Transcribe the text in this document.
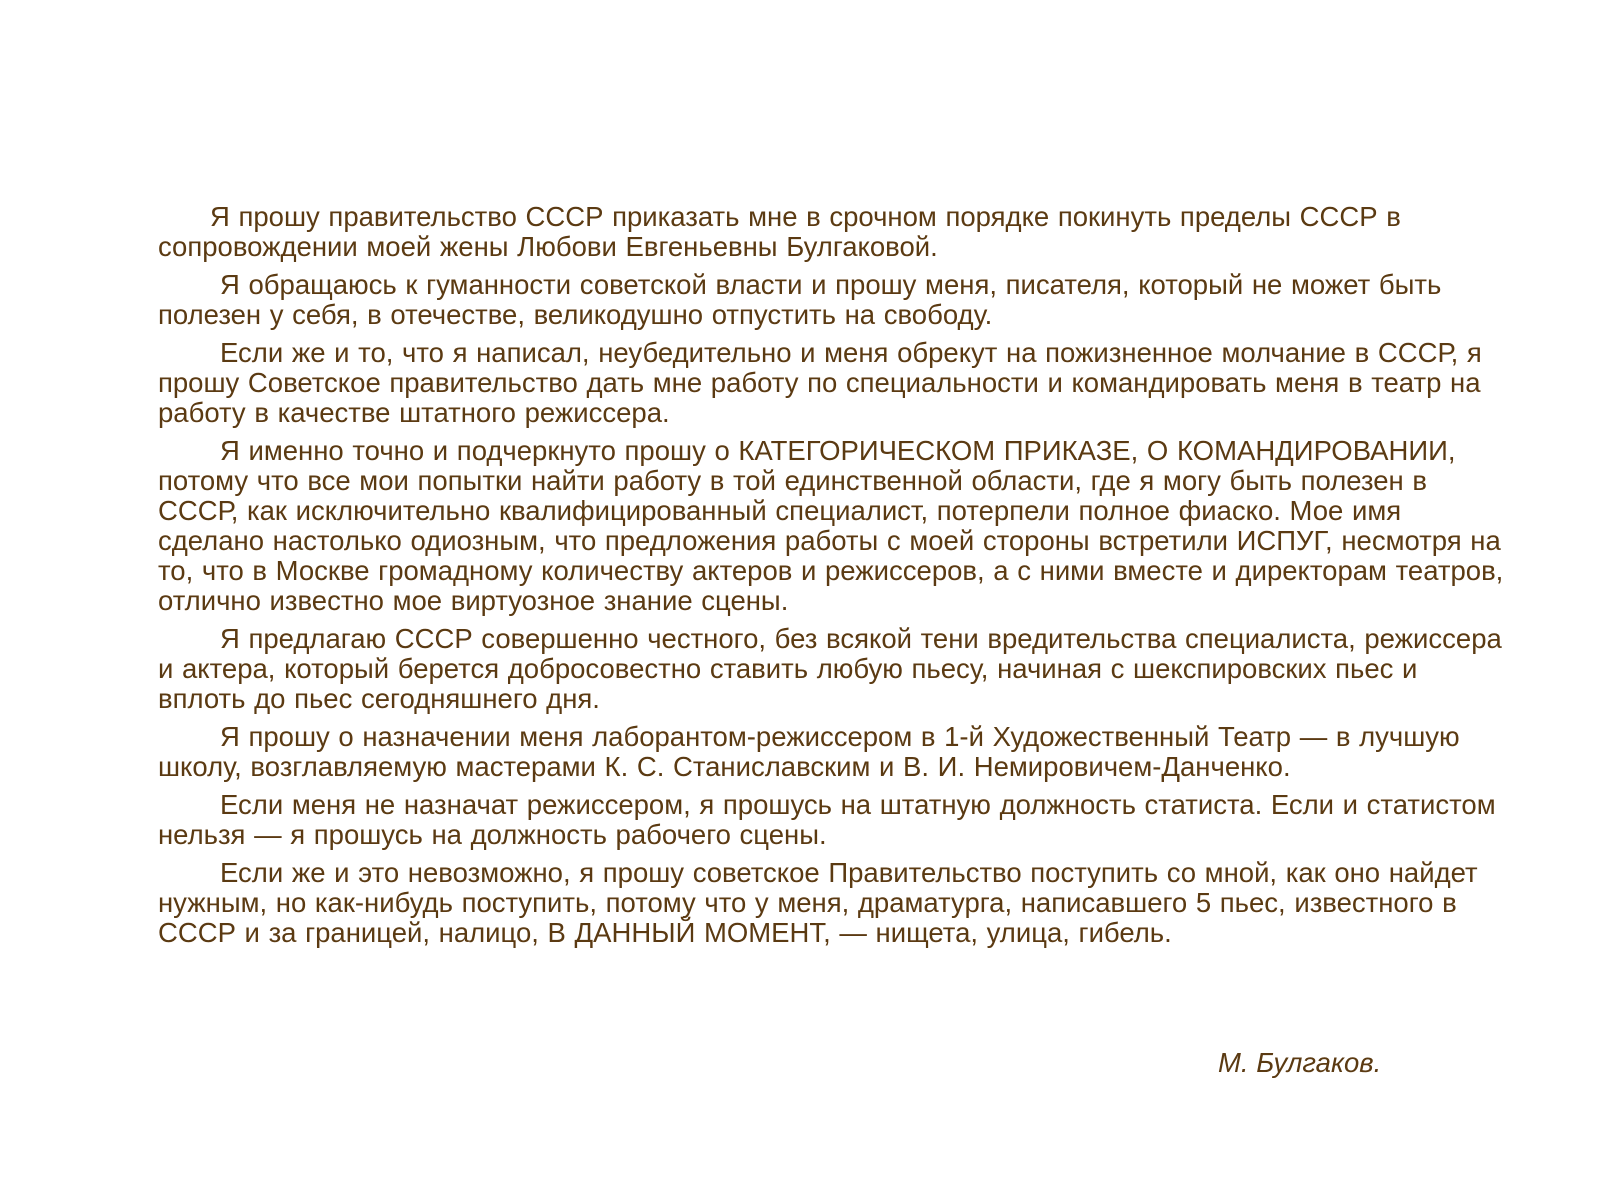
Я прошу правительство СССР приказать мне в срочном порядке покинуть пределы СССР в сопровождении моей жены Любови Евгеньевны Булгаковой.

Я обращаюсь к гуманности советской власти и прошу меня, писателя, который не может быть полезен у себя, в отечестве, великодушно отпустить на свободу.

Если же и то, что я написал, неубедительно и меня обрекут на пожизненное молчание в СССР, я прошу Советское правительство дать мне работу по специальности и командировать меня в театр на работу в качестве штатного режиссера.

Я именно точно и подчеркнуто прошу о КАТЕГОРИЧЕСКОМ ПРИКАЗЕ, О КОМАНДИРОВАНИИ, потому что все мои попытки найти работу в той единственной области, где я могу быть полезен в СССР, как исключительно квалифицированный специалист, потерпели полное фиаско. Мое имя сделано настолько одиозным, что предложения работы с моей стороны встретили ИСПУГ, несмотря на то, что в Москве громадному количеству актеров и режиссеров, а с ними вместе и директорам театров, отлично известно мое виртуозное знание сцены.

Я предлагаю СССР совершенно честного, без всякой тени вредительства специалиста, режиссера и актера, который берется добросовестно ставить любую пьесу, начиная с шекспировских пьес и вплоть до пьес сегодняшнего дня.

Я прошу о назначении меня лаборантом-режиссером в 1-й Художественный Театр — в лучшую школу, возглавляемую мастерами К. С. Станиславским и В. И. Немировичем-Данченко.

Если меня не назначат режиссером, я прошусь на штатную должность статиста. Если и статистом нельзя — я прошусь на должность рабочего сцены.

Если же и это невозможно, я прошу советское Правительство поступить со мной, как оно найдет нужным, но как-нибудь поступить, потому что у меня, драматурга, написавшего 5 пьес, известного в СССР и за границей, налицо, В ДАННЫЙ МОМЕНТ, — нищета, улица, гибель.

М. Булгаков.
